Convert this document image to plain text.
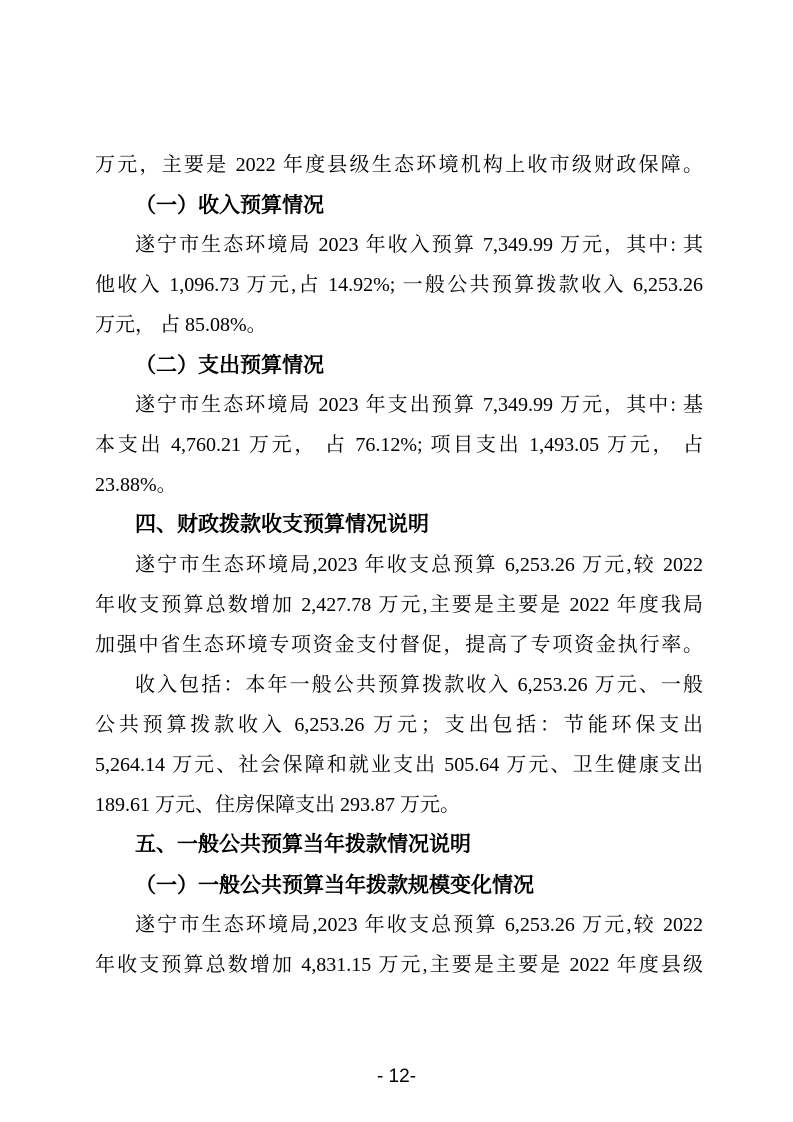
万元，主要是 2022 年度县级生态环境机构上收市级财政保障。
（一）收入预算情况
遂宁市生态环境局 2023 年收入预算 7,349.99 万元，其中: 其
他收入 1,096.73 万元,占 14.92%; 一般公共预算拨款收入 6,253.26
万元， 占 85.08%。
（二）支出预算情况
遂宁市生态环境局 2023 年支出预算 7,349.99 万元，其中: 基
本支出 4,760.21 万元， 占 76.12%; 项目支出 1,493.05 万元， 占
23.88%。
四、财政拨款收支预算情况说明
遂宁市生态环境局,2023 年收支总预算 6,253.26 万元,较 2022
年收支预算总数增加 2,427.78 万元,主要是主要是 2022 年度我局
加强中省生态环境专项资金支付督促，提高了专项资金执行率。
收入包括：本年一般公共预算拨款收入 6,253.26 万元、一般
公共预算拨款收入 6,253.26 万元；支出包括：节能环保支出
5,264.14 万元、社会保障和就业支出 505.64 万元、卫生健康支出
189.61 万元、住房保障支出 293.87 万元。
五、一般公共预算当年拨款情况说明
（一）一般公共预算当年拨款规模变化情况
遂宁市生态环境局,2023 年收支总预算 6,253.26 万元,较 2022
年收支预算总数增加 4,831.15 万元,主要是主要是 2022 年度县级
- 12-
